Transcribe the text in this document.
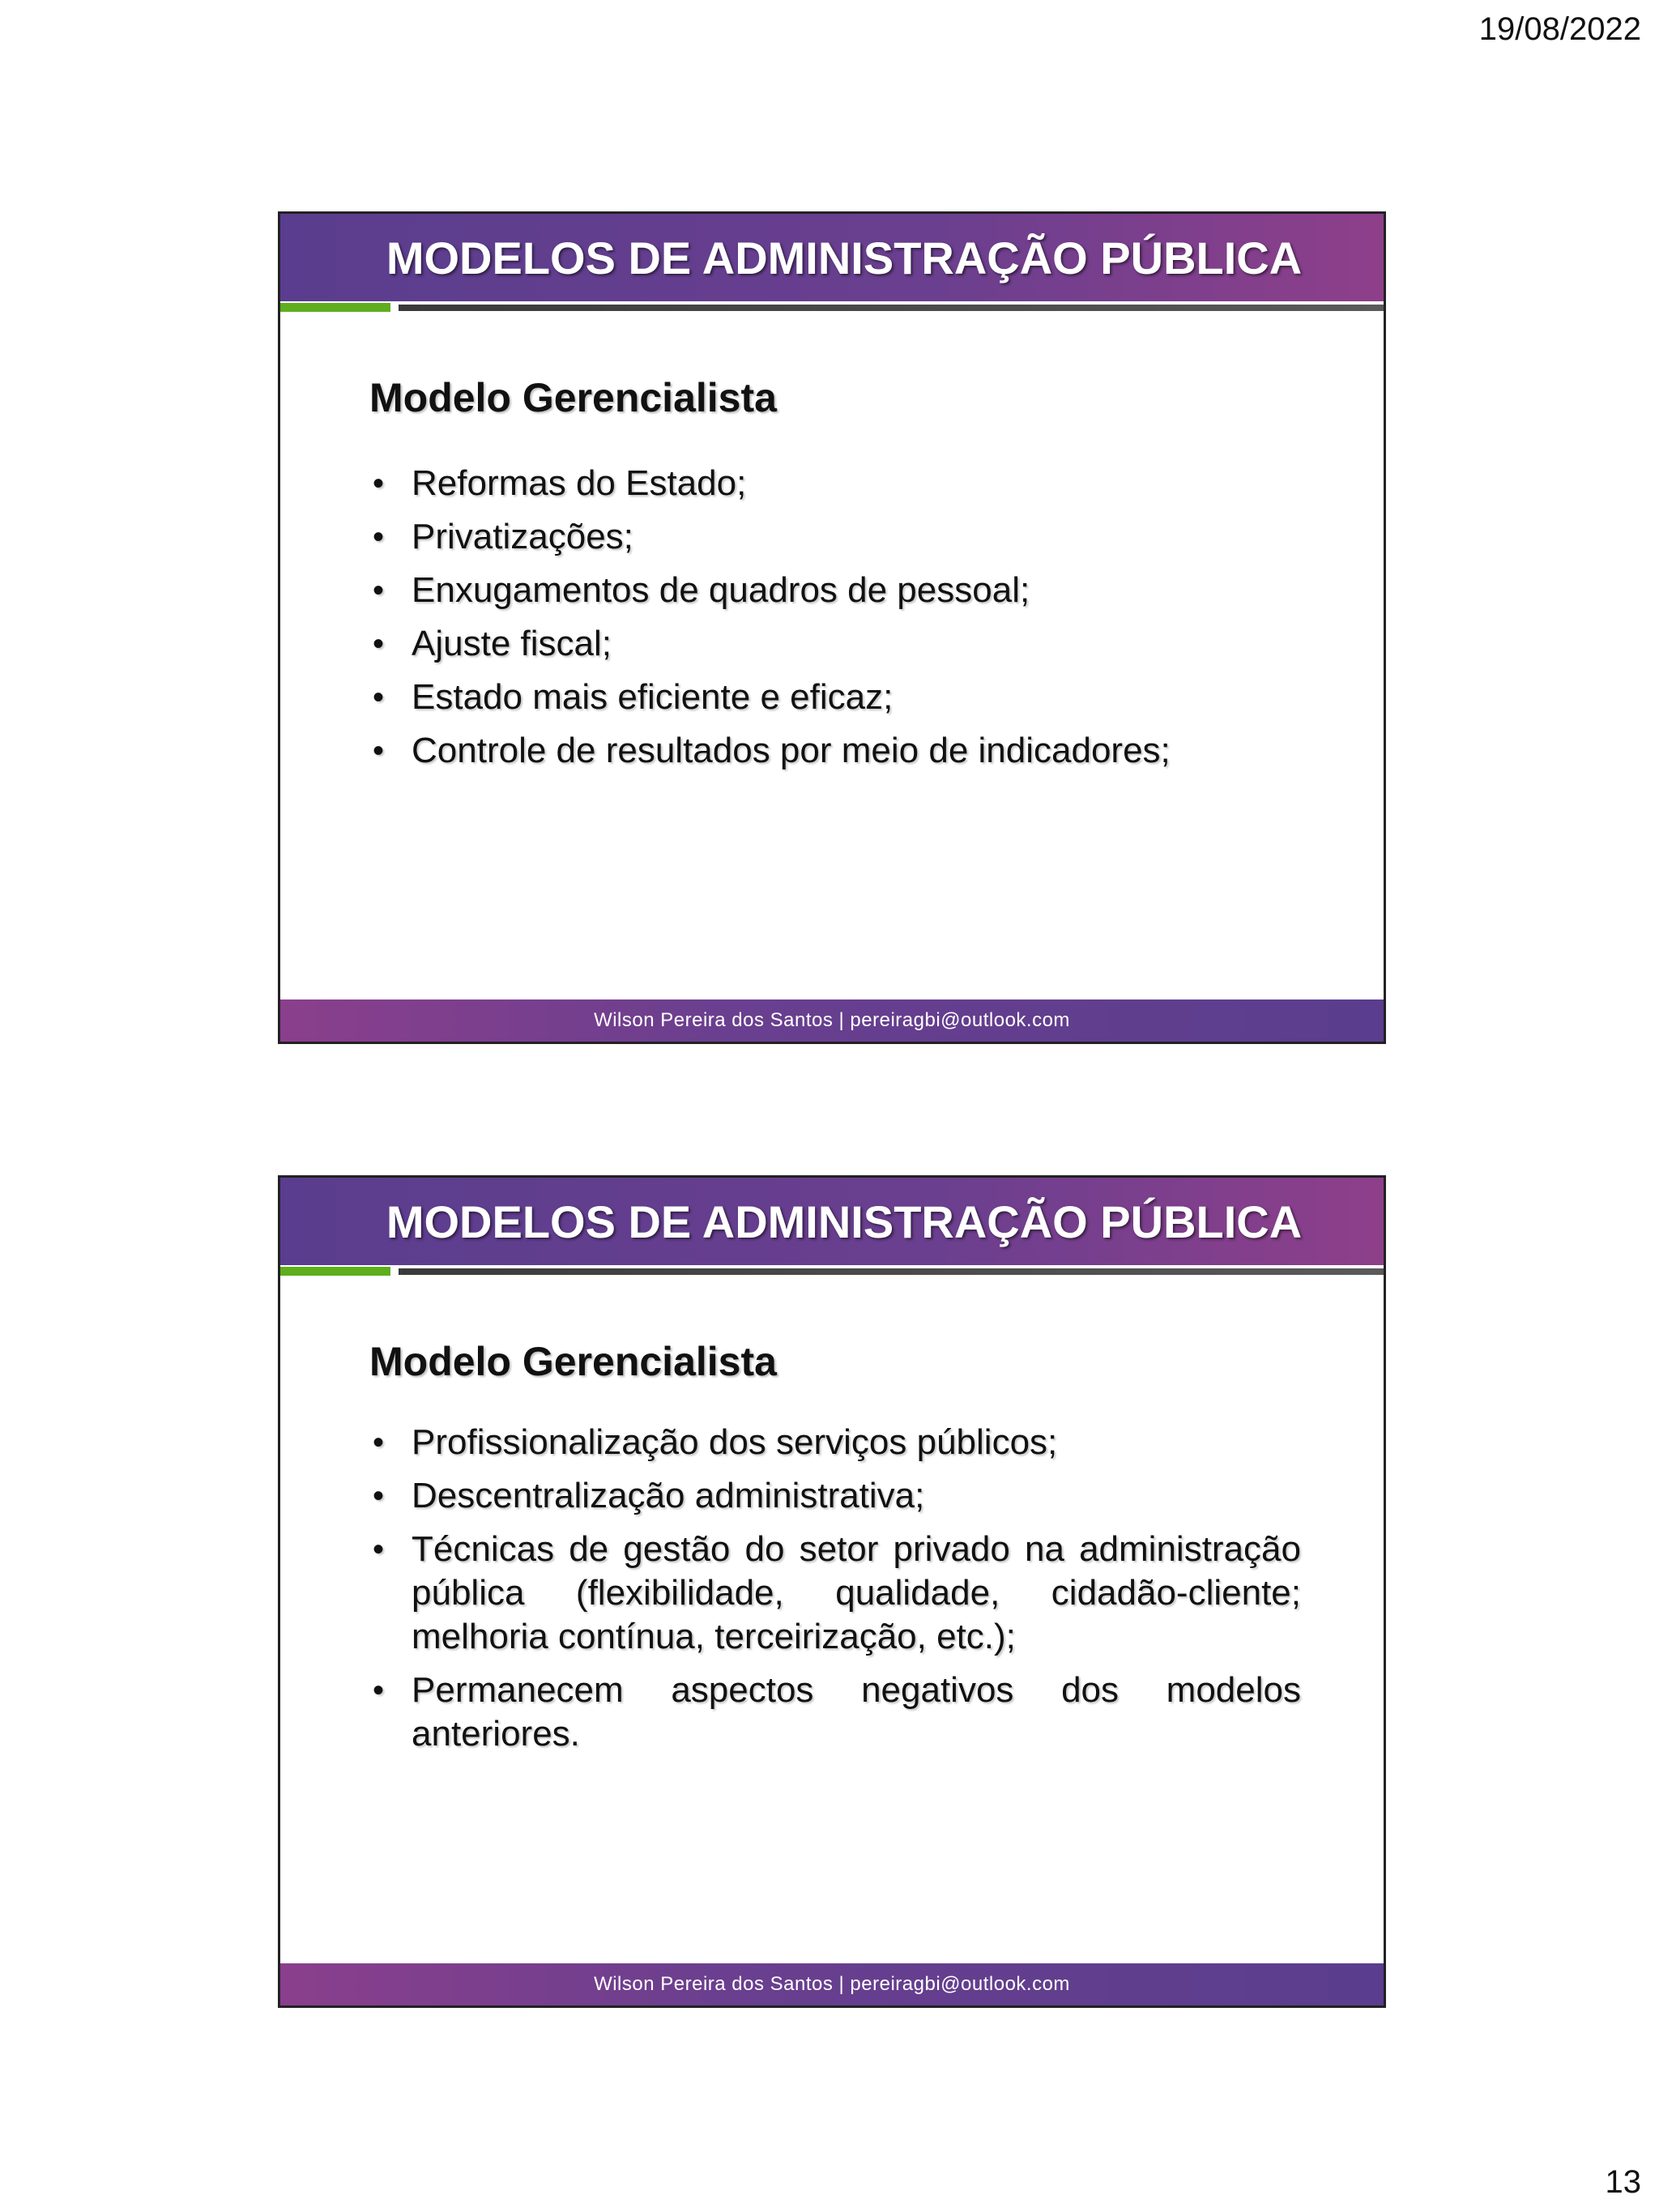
19/08/2022
MODELOS DE ADMINISTRAÇÃO PÚBLICA
Modelo Gerencialista
• Reformas do Estado;
• Privatizações;
• Enxugamentos de quadros de pessoal;
• Ajuste fiscal;
• Estado mais eficiente e eficaz;
• Controle de resultados por meio de indicadores;
Wilson Pereira dos Santos | pereiragbi@outlook.com
MODELOS DE ADMINISTRAÇÃO PÚBLICA
Modelo Gerencialista
• Profissionalização dos serviços públicos;
• Descentralização administrativa;
• Técnicas de gestão do setor privado na administração pública (flexibilidade, qualidade, cidadão-cliente; melhoria contínua, terceirização, etc.);
• Permanecem aspectos negativos dos modelos anteriores.
Wilson Pereira dos Santos | pereiragbi@outlook.com
13
